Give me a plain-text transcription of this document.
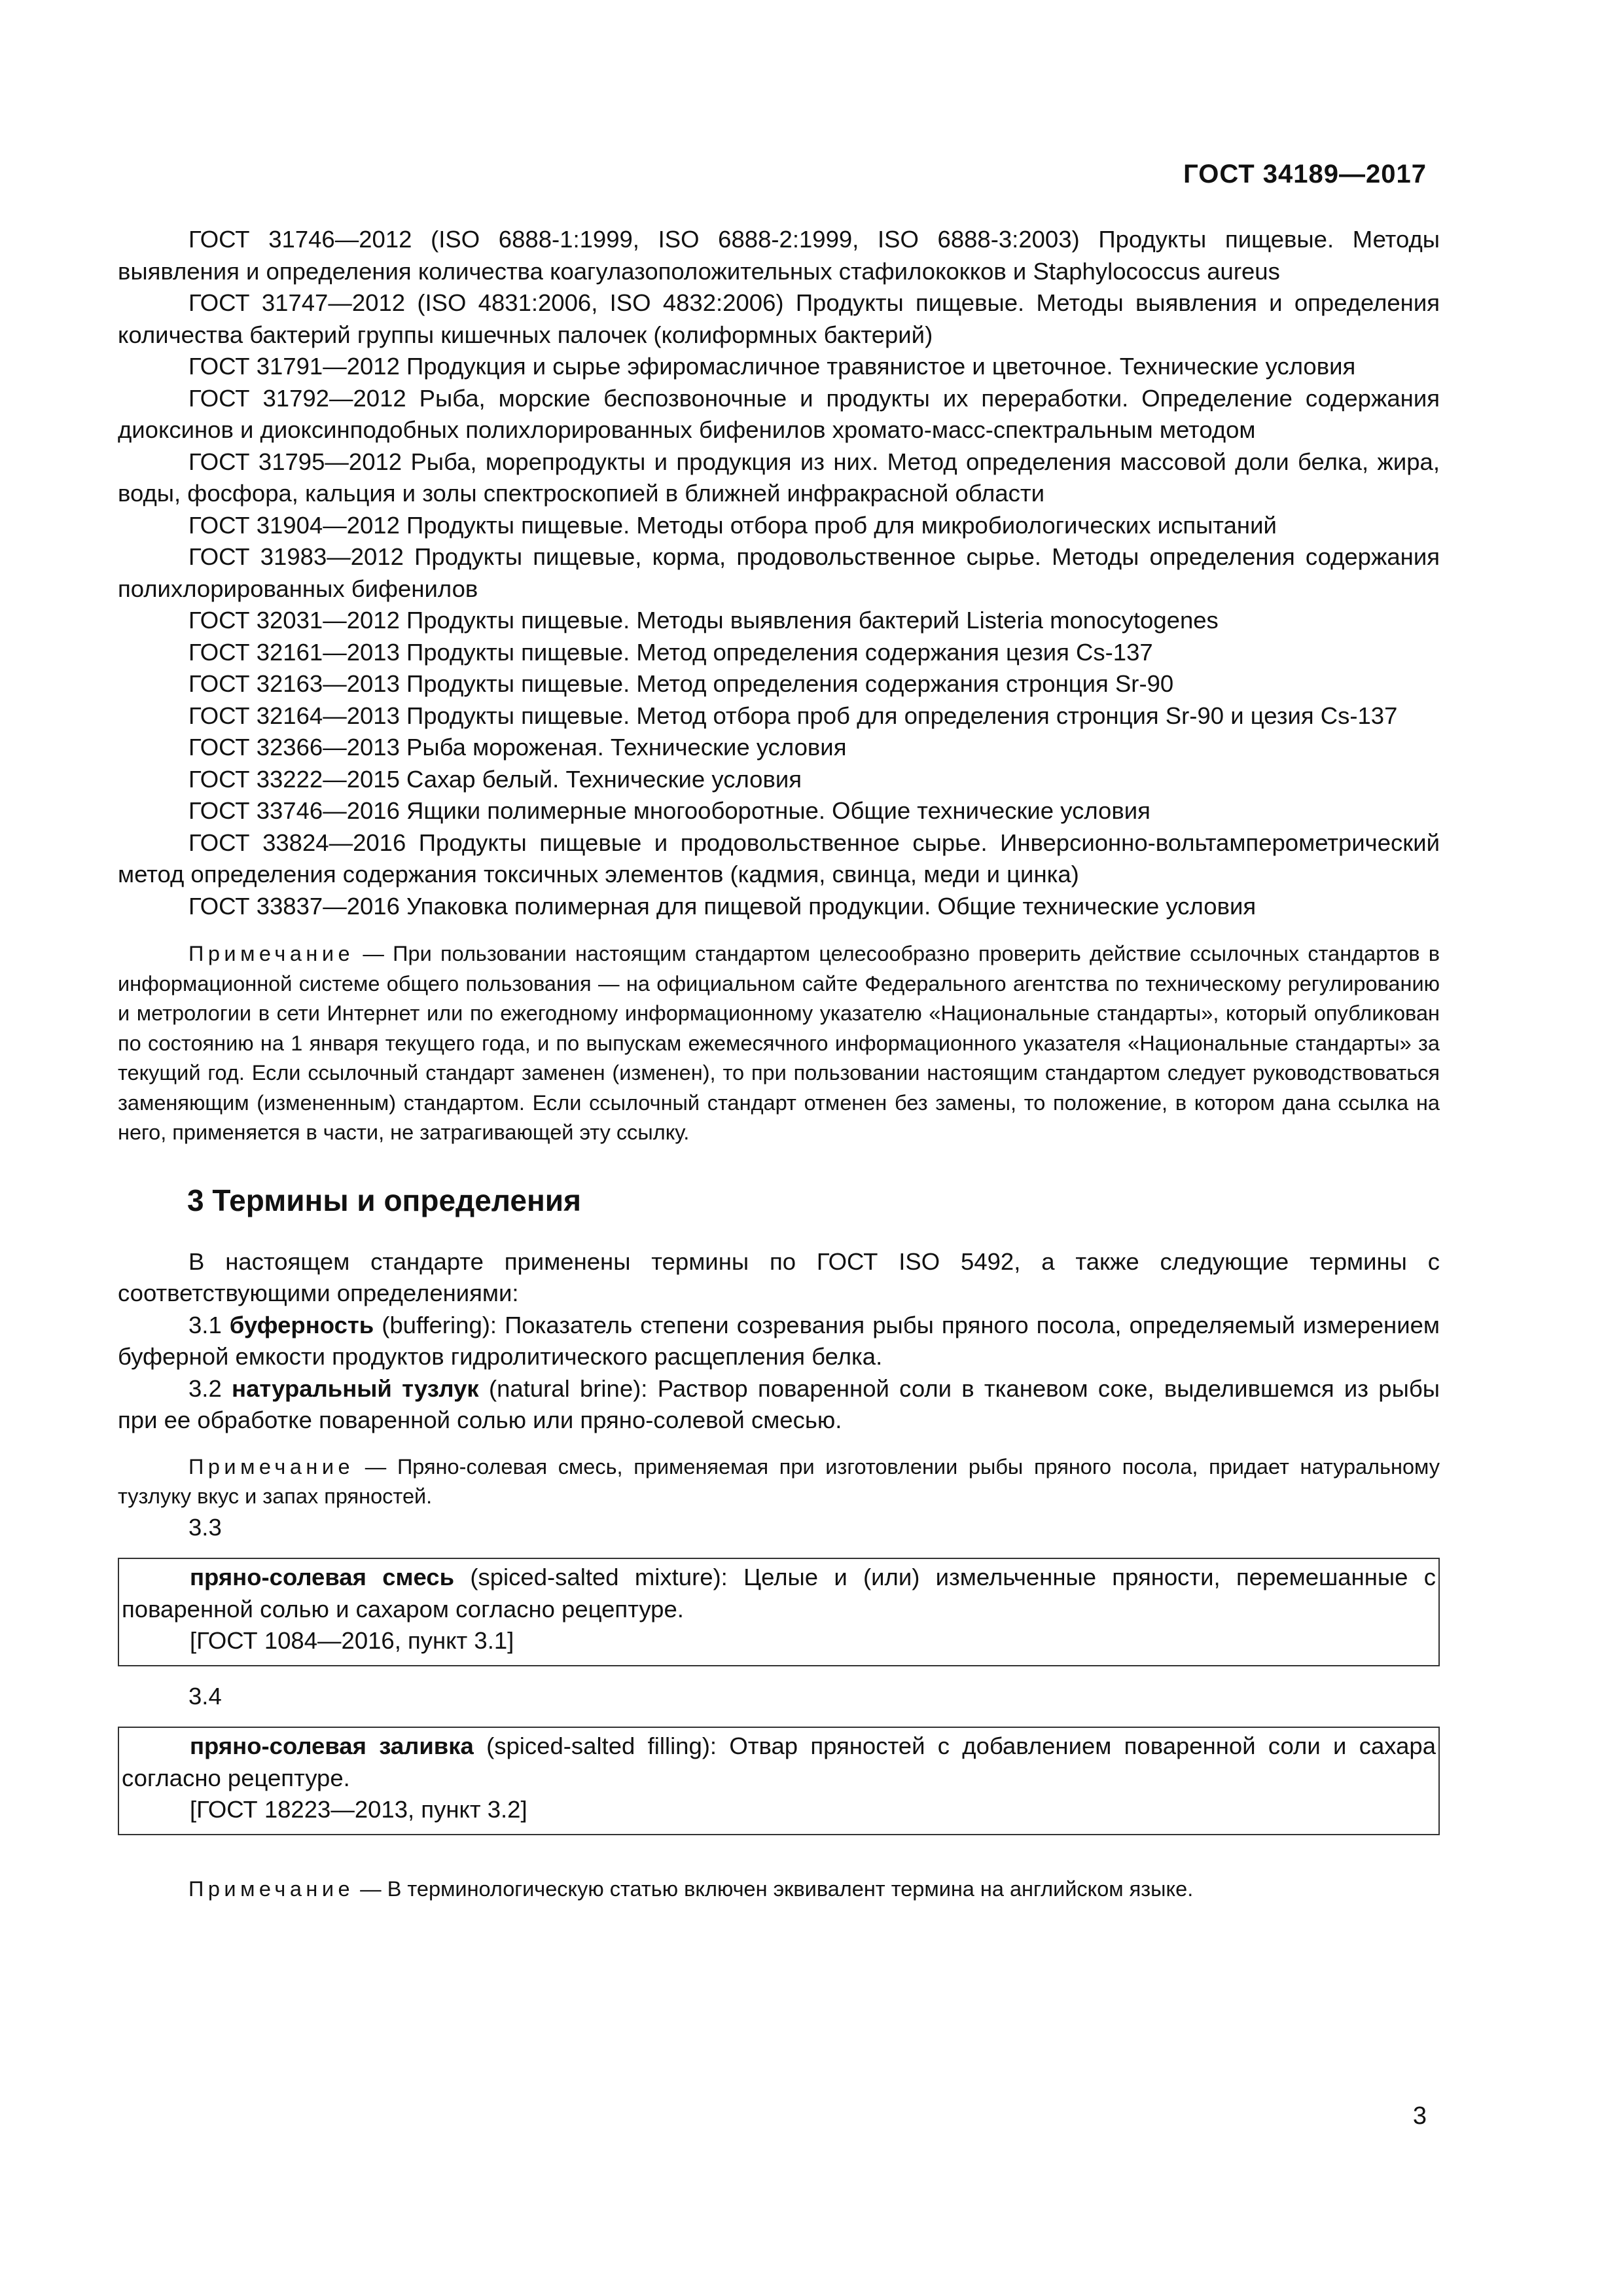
ГОСТ 34189—2017

ГОСТ 31746—2012 (ISO 6888-1:1999, ISO 6888-2:1999, ISO 6888-3:2003) Продукты пищевые. Методы выявления и определения количества коагулазоположительных стафилококков и Staphylococcus aureus

ГОСТ 31747—2012 (ISO 4831:2006, ISO 4832:2006) Продукты пищевые. Методы выявления и определения количества бактерий группы кишечных палочек (колиформных бактерий)

ГОСТ 31791—2012 Продукция и сырье эфиромасличное травянистое и цветочное. Технические условия

ГОСТ 31792—2012 Рыба, морские беспозвоночные и продукты их переработки. Определение содержания диоксинов и диоксинподобных полихлорированных бифенилов хромато-масс-спектральным методом

ГОСТ 31795—2012 Рыба, морепродукты и продукция из них. Метод определения массовой доли белка, жира, воды, фосфора, кальция и золы спектроскопией в ближней инфракрасной области

ГОСТ 31904—2012 Продукты пищевые. Методы отбора проб для микробиологических испытаний

ГОСТ 31983—2012 Продукты пищевые, корма, продовольственное сырье. Методы определения содержания полихлорированных бифенилов

ГОСТ 32031—2012 Продукты пищевые. Методы выявления бактерий Listeria monocytogenes

ГОСТ 32161—2013 Продукты пищевые. Метод определения содержания цезия Cs-137

ГОСТ 32163—2013 Продукты пищевые. Метод определения содержания стронция Sr-90

ГОСТ 32164—2013 Продукты пищевые. Метод отбора проб для определения стронция Sr-90 и цезия Cs-137

ГОСТ 32366—2013 Рыба мороженая. Технические условия

ГОСТ 33222—2015 Сахар белый. Технические условия

ГОСТ 33746—2016 Ящики полимерные многооборотные. Общие технические условия

ГОСТ 33824—2016 Продукты пищевые и продовольственное сырье. Инверсионно-вольтамперометрический метод определения содержания токсичных элементов (кадмия, свинца, меди и цинка)

ГОСТ 33837—2016 Упаковка полимерная для пищевой продукции. Общие технические условия

Примечание — При пользовании настоящим стандартом целесообразно проверить действие ссылочных стандартов в информационной системе общего пользования — на официальном сайте Федерального агентства по техническому регулированию и метрологии в сети Интернет или по ежегодному информационному указателю «Национальные стандарты», который опубликован по состоянию на 1 января текущего года, и по выпускам ежемесячного информационного указателя «Национальные стандарты» за текущий год. Если ссылочный стандарт заменен (изменен), то при пользовании настоящим стандартом следует руководствоваться заменяющим (измененным) стандартом. Если ссылочный стандарт отменен без замены, то положение, в котором дана ссылка на него, применяется в части, не затрагивающей эту ссылку.

3 Термины и определения

В настоящем стандарте применены термины по ГОСТ ISO 5492, а также следующие термины с соответствующими определениями:

3.1 буферность (buffering): Показатель степени созревания рыбы пряного посола, определяемый измерением буферной емкости продуктов гидролитического расщепления белка.

3.2 натуральный тузлук (natural brine): Раствор поваренной соли в тканевом соке, выделившемся из рыбы при ее обработке поваренной солью или пряно-солевой смесью.

Примечание — Пряно-солевая смесь, применяемая при изготовлении рыбы пряного посола, придает натуральному тузлуку вкус и запах пряностей.

3.3

пряно-солевая смесь (spiced-salted mixture): Целые и (или) измельченные пряности, перемешанные с поваренной солью и сахаром согласно рецептуре.

[ГОСТ 1084—2016, пункт 3.1]

3.4

пряно-солевая заливка (spiced-salted filling): Отвар пряностей с добавлением поваренной соли и сахара согласно рецептуре.

[ГОСТ 18223—2013, пункт 3.2]

Примечание — В терминологическую статью включен эквивалент термина на английском языке.

3
